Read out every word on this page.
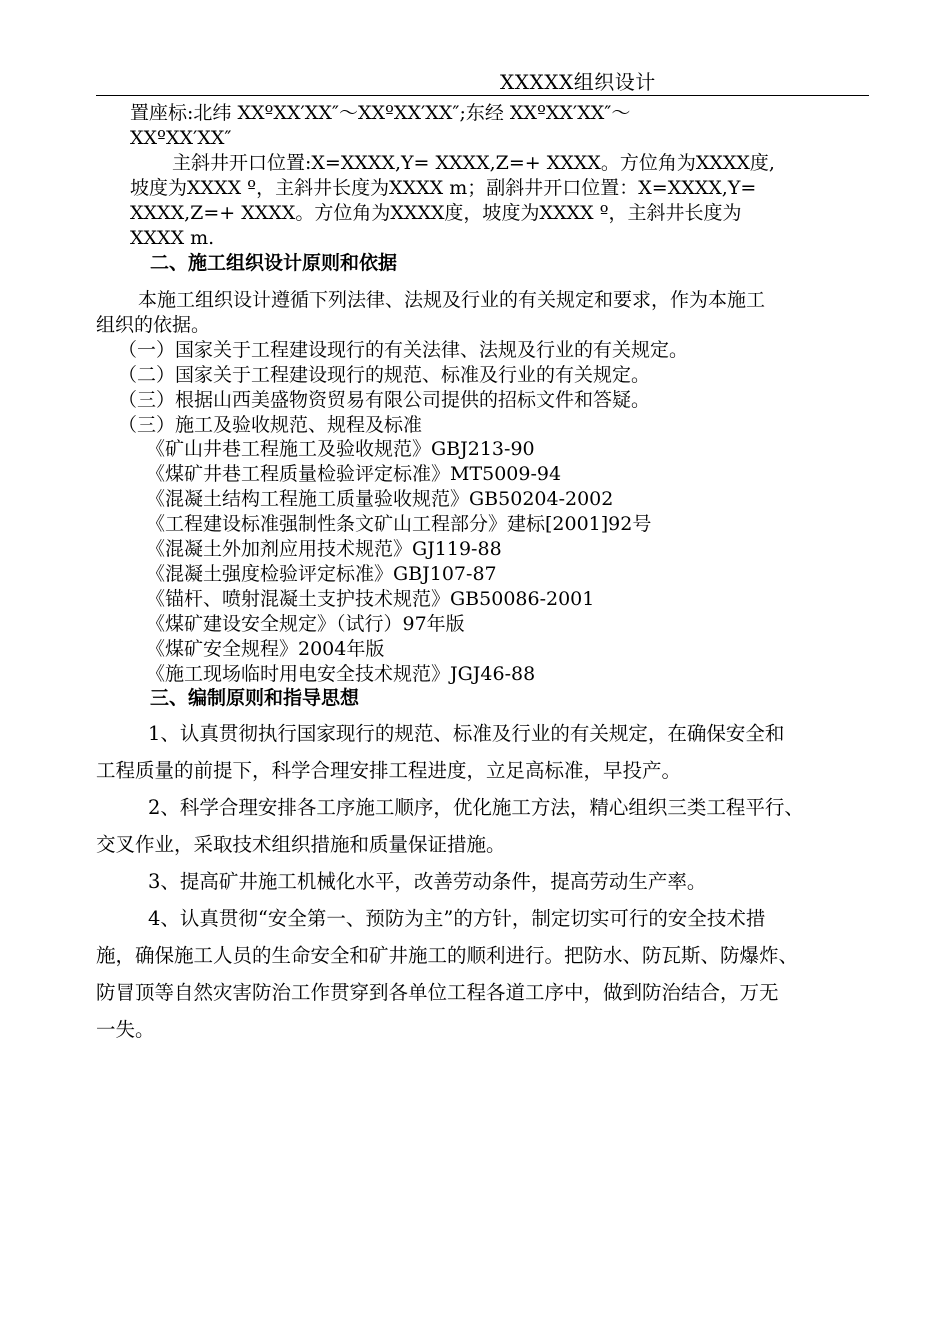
XXXXX组织设计
置座标:北纬 XXºXX′XX″～XXºXX′XX″;东经 XXºXX′XX″～
XXºXX′XX″
主斜井开口位置:X=XXXX,Y= XXXX,Z=+ XXXX。方位角为XXXX度,
坡度为XXXX º，主斜井长度为XXXX m；副斜井开口位置：X=XXXX,Y=
XXXX,Z=+ XXXX。方位角为XXXX度，坡度为XXXX º，主斜井长度为
XXXX m.
二、施工组织设计原则和依据
本施工组织设计遵循下列法律、法规及行业的有关规定和要求，作为本施工
组织的依据。
（一）国家关于工程建设现行的有关法律、法规及行业的有关规定。
（二）国家关于工程建设现行的规范、标准及行业的有关规定。
（三）根据山西美盛物资贸易有限公司提供的招标文件和答疑。
（三）施工及验收规范、规程及标准
《矿山井巷工程施工及验收规范》GBJ213-90
《煤矿井巷工程质量检验评定标准》MT5009-94
《混凝土结构工程施工质量验收规范》GB50204-2002
《工程建设标准强制性条文矿山工程部分》建标[2001]92号
《混凝土外加剂应用技术规范》GJ119-88
《混凝土强度检验评定标准》GBJ107-87
《锚杆、喷射混凝土支护技术规范》GB50086-2001
《煤矿建设安全规定》（试行）97年版
《煤矿安全规程》2004年版
《施工现场临时用电安全技术规范》JGJ46-88
三、编制原则和指导思想
1、认真贯彻执行国家现行的规范、标准及行业的有关规定，在确保安全和
工程质量的前提下，科学合理安排工程进度，立足高标准，早投产。
2、科学合理安排各工序施工顺序，优化施工方法，精心组织三类工程平行、
交叉作业，采取技术组织措施和质量保证措施。
3、提高矿井施工机械化水平，改善劳动条件，提高劳动生产率。
4、认真贯彻“安全第一、预防为主”的方针，制定切实可行的安全技术措
施，确保施工人员的生命安全和矿井施工的顺利进行。把防水、防瓦斯、防爆炸、
防冒顶等自然灾害防治工作贯穿到各单位工程各道工序中，做到防治结合，万无
一失。
